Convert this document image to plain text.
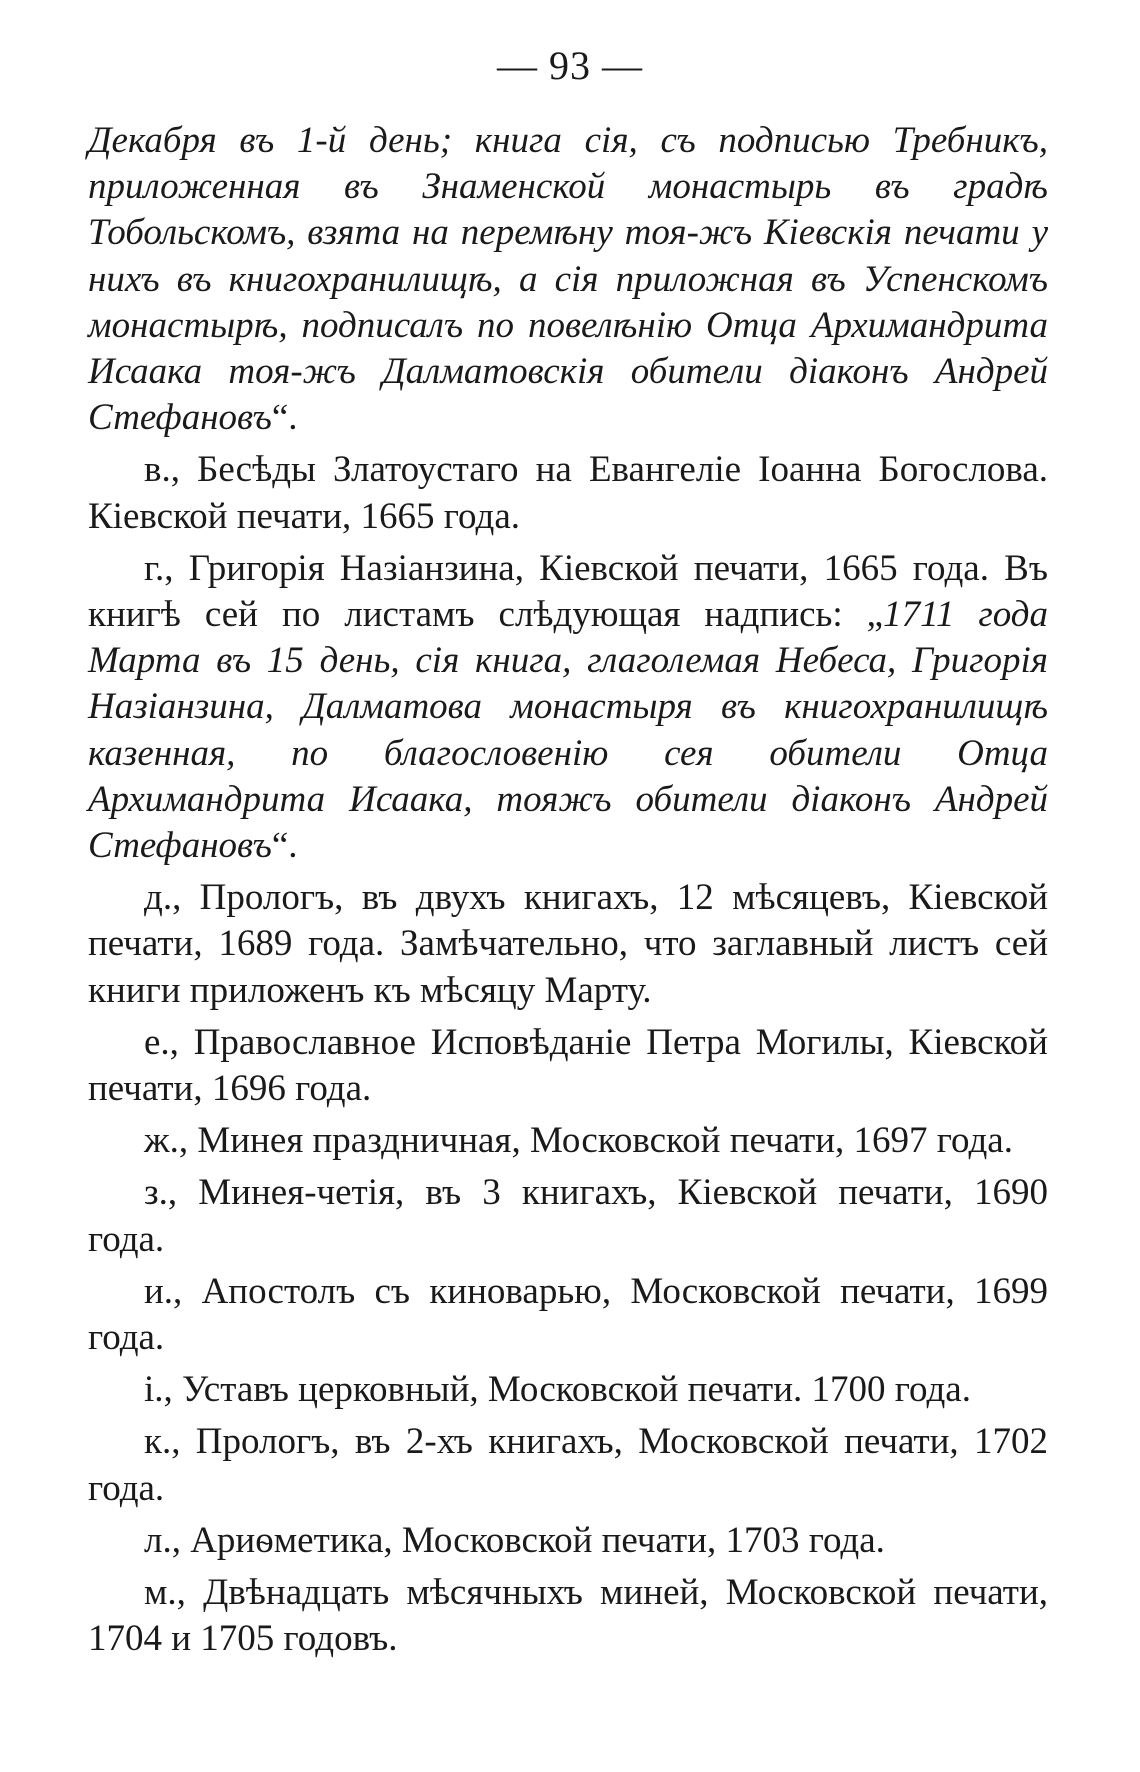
— 93 —

Декабря въ 1-й день; книга сія, съ подписью Требникъ, приложенная въ Знаменской монастырь въ градѣ Тобольскомъ, взята на перемѣну тоя-жъ Кіевскія печати у нихъ въ книгохранилищѣ, а сія приложная въ Успенскомъ монастырѣ, подписалъ по повелѣнію Отца Архимандрита Исаака тоя-жъ Далматовскія обители діаконъ Андрей Стефановъ“.

в., Бесѣды Златоустаго на Евангеліе Іоанна Богослова. Кіевской печати, 1665 года.

г., Григорія Назіанзина, Кіевской печати, 1665 года. Въ книгѣ сей по листамъ слѣдующая надпись: „1711 года Марта въ 15 день, сія книга, глаголемая Небеса, Григорія Назіанзина, Далматова монастыря въ книгохранилищѣ казенная, по благословенію сея обители Отца Архимандрита Исаака, тояжъ обители діаконъ Андрей Стефановъ“.

д., Прологъ, въ двухъ книгахъ, 12 мѣсяцевъ, Кіевской печати, 1689 года. Замѣчательно, что заглавный листъ сей книги приложенъ къ мѣсяцу Марту.

е., Православное Исповѣданіе Петра Могилы, Кіевской печати, 1696 года.

ж., Минея праздничная, Московской печати, 1697 года.

з., Минея-четія, въ 3 книгахъ, Кіевской печати, 1690 года.

и., Апостолъ съ киноварью, Московской печати, 1699 года.

і., Уставъ церковный, Московской печати. 1700 года.

к., Прологъ, въ 2-хъ книгахъ, Московской печати, 1702 года.

л., Ариѳметика, Московской печати, 1703 года.

м., Двѣнадцать мѣсячныхъ миней, Московской печати, 1704 и 1705 годовъ.
